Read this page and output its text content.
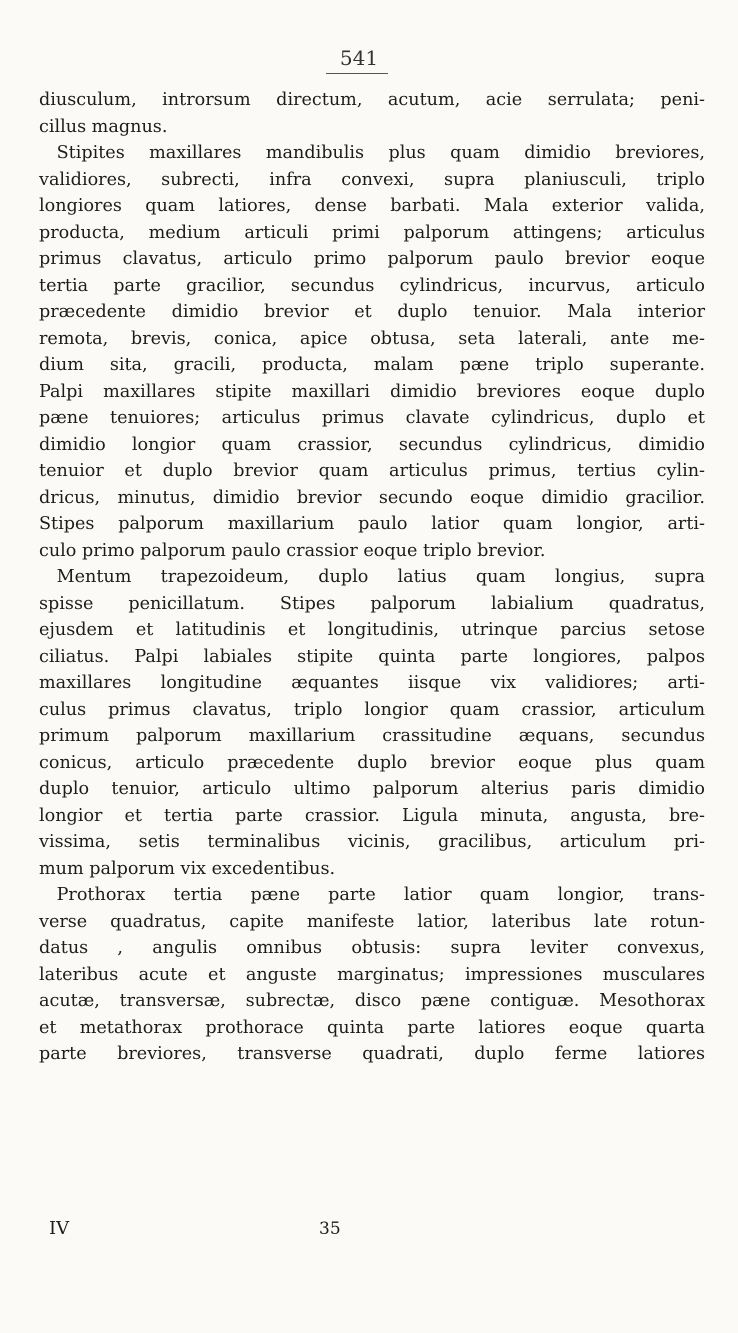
541

diusculum, introrsum directum, acutum, acie serrulata; peni-

cillus magnus.

 Stipites maxillares mandibulis plus quam dimidio breviores,

validiores, subrecti, infra convexi, supra planiusculi, triplo

longiores quam latiores, dense barbati. Mala exterior valida,

producta, medium articuli primi palporum attingens; articulus

primus clavatus, articulo primo palporum paulo brevior eoque

tertia parte gracilior, secundus cylindricus, incurvus, articulo

præcedente dimidio brevior et duplo tenuior. Mala interior

remota, brevis, conica, apice obtusa, seta laterali, ante me-

dium sita, gracili, producta, malam pæne triplo superante.

Palpi maxillares stipite maxillari dimidio breviores eoque duplo

pæne tenuiores; articulus primus clavate cylindricus, duplo et

dimidio longior quam crassior, secundus cylindricus, dimidio

tenuior et duplo brevior quam articulus primus, tertius cylin-

dricus, minutus, dimidio brevior secundo eoque dimidio gracilior.

Stipes palporum maxillarium paulo latior quam longior, arti-

culo primo palporum paulo crassior eoque triplo brevior.

 Mentum trapezoideum, duplo latius quam longius, supra

spisse penicillatum. Stipes palporum labialium quadratus,

ejusdem et latitudinis et longitudinis, utrinque parcius setose

ciliatus. Palpi labiales stipite quinta parte longiores, palpos

maxillares longitudine æquantes iisque vix validiores; arti-

culus primus clavatus, triplo longior quam crassior, articulum

primum palporum maxillarium crassitudine æquans, secundus

conicus, articulo præcedente duplo brevior eoque plus quam

duplo tenuior, articulo ultimo palporum alterius paris dimidio

longior et tertia parte crassior. Ligula minuta, angusta, bre-

vissima, setis terminalibus vicinis, gracilibus, articulum pri-

mum palporum vix excedentibus.

 Prothorax tertia pæne parte latior quam longior, trans-

verse quadratus, capite manifeste latior, lateribus late rotun-

datus , angulis omnibus obtusis: supra leviter convexus,

lateribus acute et anguste marginatus; impressiones musculares

acutæ, transversæ, subrectæ, disco pæne contiguæ. Mesothorax

et metathorax prothorace quinta parte latiores eoque quarta

parte breviores, transverse quadrati, duplo ferme latiores

IV	35
